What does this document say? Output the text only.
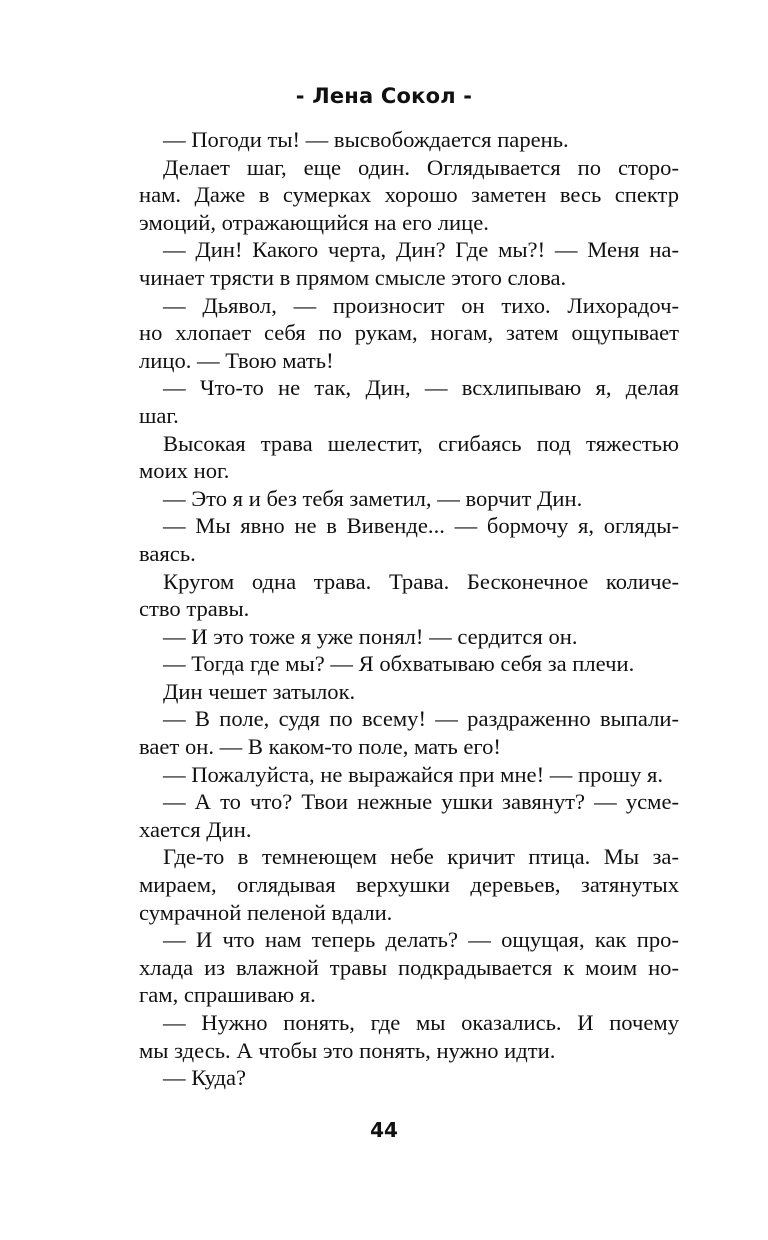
- Лена Сокол -
— Погоди ты! — высвобождается парень.
Делает шаг, еще один. Оглядывается по сторо-
нам. Даже в сумерках хорошо заметен весь спектр
эмоций, отражающийся на его лице.
— Дин! Какого черта, Дин? Где мы?! — Меня на-
чинает трясти в прямом смысле этого слова.
— Дьявол, — произносит он тихо. Лихорадоч-
но хлопает себя по рукам, ногам, затем ощупывает
лицо. — Твою мать!
— Что-то не так, Дин, — всхлипываю я, делая
шаг.
Высокая трава шелестит, сгибаясь под тяжестью
моих ног.
— Это я и без тебя заметил, — ворчит Дин.
— Мы явно не в Вивенде... — бормочу я, огляды-
ваясь.
Кругом одна трава. Трава. Бесконечное количе-
ство травы.
— И это тоже я уже понял! — сердится он.
— Тогда где мы? — Я обхватываю себя за плечи.
Дин чешет затылок.
— В поле, судя по всему! — раздраженно выпали-
вает он. — В каком-то поле, мать его!
— Пожалуйста, не выражайся при мне! — прошу я.
— А то что? Твои нежные ушки завянут? — усме-
хается Дин.
Где-то в темнеющем небе кричит птица. Мы за-
мираем, оглядывая верхушки деревьев, затянутых
сумрачной пеленой вдали.
— И что нам теперь делать? — ощущая, как про-
хлада из влажной травы подкрадывается к моим но-
гам, спрашиваю я.
— Нужно понять, где мы оказались. И почему
мы здесь. А чтобы это понять, нужно идти.
— Куда?
44
